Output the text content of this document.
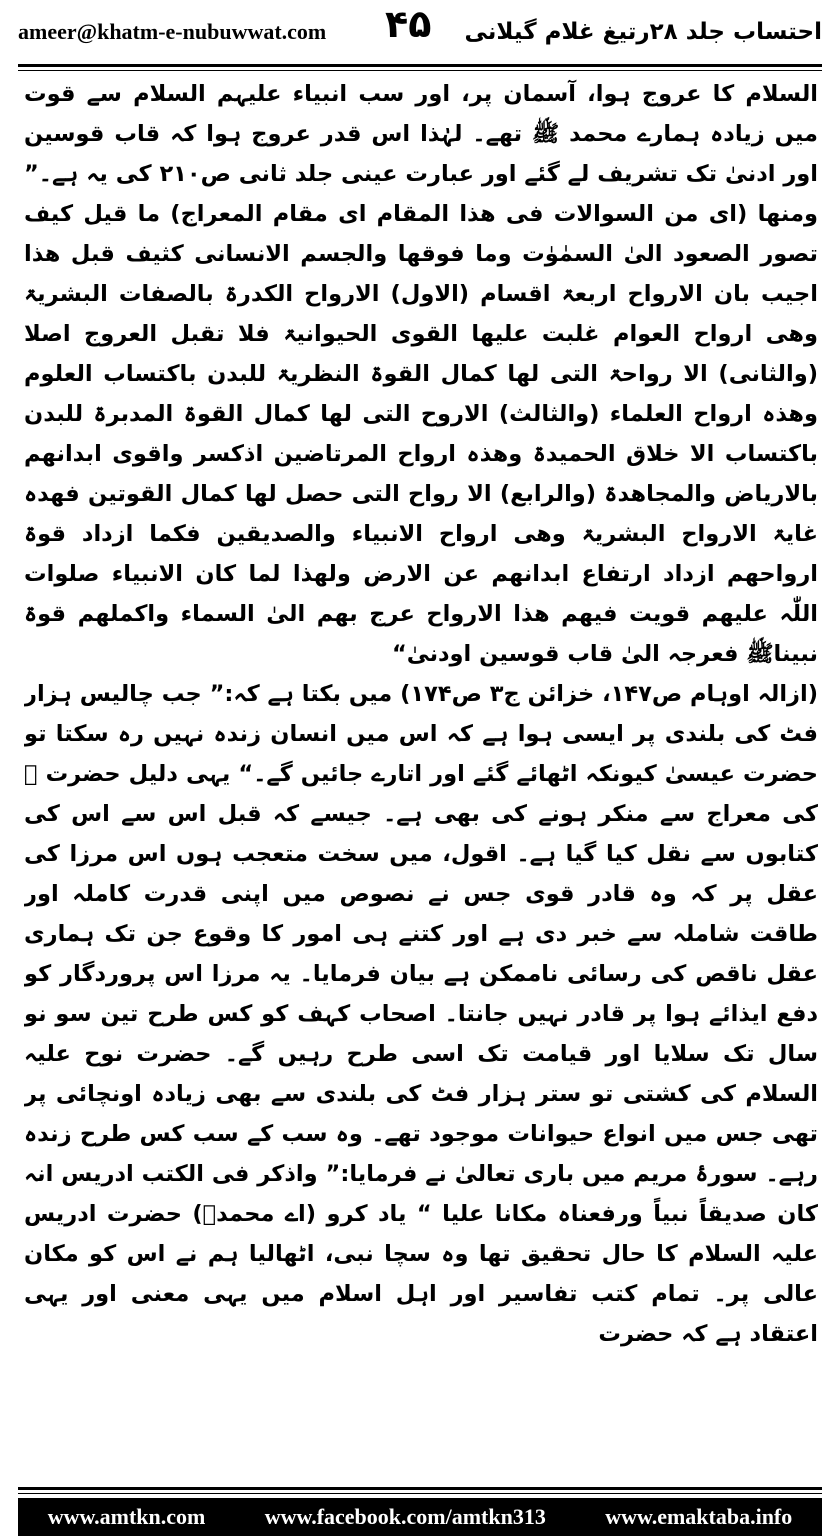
ameer@khatm-e-nubuwwat.com	احتساب جلد ۲۸رتیغ غلام گیلانی
۴۵

السلام کا عروج ہوا، آسمان پر، اور سب انبیاء علیہم السلام سے قوت میں زیادہ ہمارے محمد ﷺ تھے۔ لہٰذا اس قدر عروج ہوا کہ قاب قوسین اور ادنیٰ تک تشریف لے گئے اور عبارت عینی جلد ثانی ص۲۱۰ کی یہ ہے۔” ومنھا (ای من السوالات فی ھذا المقام ای مقام المعراج) ما قیل کیف تصور الصعود الیٰ السمٰوٰت وما فوقھا والجسم الانسانی کثیف قبل ھذا اجیب بان الارواح اربعۃ اقسام (الاول) الارواح الکدرۃ بالصفات البشریۃ وھی ارواح العوام غلبت علیھا القوی الحیوانیۃ فلا تقبل العروج اصلا (والثانی) الا رواحۃ التی لھا کمال القوۃ النظریۃ للبدن باکتساب العلوم وھذہ ارواح العلماء (والثالث) الاروح التی لھا کمال القوۃ المدبرۃ للبدن باکتساب الا خلاق الحمیدۃ وھذہ ارواح المرتاضین اذکسر واقوی ابدانھم بالاریاض والمجاھدۃ (والرابع) الا رواح التی حصل لھا کمال القوتین فھدہ غایۃ الارواح البشریۃ وھی ارواح الانبیاء والصدیقین فکما ازداد قوۃ ارواحھم ازداد ارتفاع ابدانھم عن الارض ولھذا لما کان الانبیاء صلوات اللّٰہ علیھم قویت فیھم ھذا الارواح عرج بھم الیٰ السماء واکملھم قوۃ نبیناﷺ فعرجہ الیٰ قاب قوسین اودنیٰ“

(ازالہ اوہام ص۱۴۷، خزائن ج۳ ص۱۷۴) میں بکتا ہے کہ:” جب چالیس ہزار فٹ کی بلندی پر ایسی ہوا ہے کہ اس میں انسان زندہ نہیں رہ سکتا تو حضرت عیسیٰ کیونکہ اٹھائے گئے اور اتارے جائیں گے۔“ یہی دلیل حضرت ﷺ کی معراج سے منکر ہونے کی بھی ہے۔ جیسے کہ قبل اس سے اس کی کتابوں سے نقل کیا گیا ہے۔ اقول، میں سخت متعجب ہوں اس مرزا کی عقل پر کہ وہ قادر قوی جس نے نصوص میں اپنی قدرت کاملہ اور طاقت شاملہ سے خبر دی ہے اور کتنے ہی امور کا وقوع جن تک ہماری عقل ناقص کی رسائی ناممکن ہے بیان فرمایا۔ یہ مرزا اس پروردگار کو دفع ایذائے ہوا پر قادر نہیں جانتا۔ اصحاب کہف کو کس طرح تین سو نو سال تک سلایا اور قیامت تک اسی طرح رہیں گے۔ حضرت نوح علیہ السلام کی کشتی تو ستر ہزار فٹ کی بلندی سے بھی زیادہ اونچائی پر تھی جس میں انواع حیوانات موجود تھے۔ وہ سب کے سب کس طرح زندہ رہے۔ سورۂ مریم میں باری تعالیٰ نے فرمایا:” واذکر فی الکتب ادریس انہ کان صدیقاً نبیاً ورفعناہ مکانا علیا “ یاد کرو (اے محمدؐ) حضرت ادریس علیہ السلام کا حال تحقیق تھا وہ سچا نبی، اٹھالیا ہم نے اس کو مکان عالی پر۔ تمام کتب تفاسیر اور اہل اسلام میں یہی معنی اور یہی اعتقاد ہے کہ حضرت

www.amtkn.com	www.facebook.com/amtkn313	www.emaktaba.info
